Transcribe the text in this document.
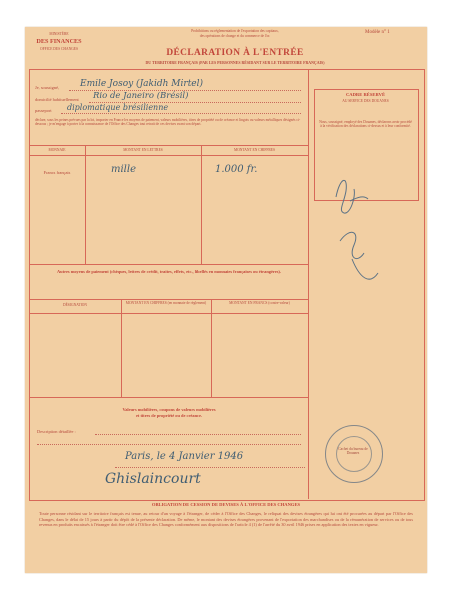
MINISTÈRE
DES FINANCES
OFFICE DES CHANGES
Prohibitions ou réglementation de l'exportation des capitaux,
des opérations de change et du commerce de l'or.
Modèle n° 1
DÉCLARATION À L'ENTRÉE
DU TERRITOIRE FRANÇAIS (PAR LES PERSONNES RÉSIDANT SUR LE TERRITOIRE FRANÇAIS)
Je, soussigné, Emile Josoy (Jakidh Mirtel)
domicilié habituellement Rio de Janeiro (Brésil)
passeport diplomatique brésilienne
déclare, sous les peines prévues par la loi, importer en France les moyens de paiement, valeurs mobilières, titres de propriété ou de créance et lingots ou valeurs métalliques désignés ci-dessous ; je m'engage à porter à la connaissance de l'Office des Changes tout retrait de ces devises avant son départ.
CADRE RÉSERVÉ
AU SERVICE DES DOUANES
Nous, soussigné, employé des Douanes, déclarons avoir procédé à la vérification des déclarations ci-dessus et à leur conformité.
MONNAIE	MONTANT EN LETTRES	MONTANT EN CHIFFRES
Francs français	mille	1.000 fr.
Autres moyens de paiement (chèques, lettres de crédit, traites, effets, etc., libellés en monnaies françaises ou étrangères).
DÉSIGNATION	MONTANT EN CHIFFRES (en monnaie de règlement)	MONTANT EN FRANCS (contre-valeur)
Valeurs mobilières, coupons de valeurs mobilières
et titres de propriété ou de créance.
Description détaillée :
Paris, le 4 Janvier 1946
Ghislaincourt
Cachet du bureau de Douanes
OBLIGATION DE CESSION DE DEVISES À L'OFFICE DES CHANGES
Toute personne résidant sur le territoire français est tenue, au retour d'un voyage à l'étranger, de céder à l'Office des Changes, le reliquat des devises étrangères qui lui ont été procurées au départ par l'Office des Changes, dans le délai de 15 jours à partir du dépôt de la présente déclaration. De même, le montant des devises étrangères provenant de l'exportation des marchandises ou de la rémunération de services ou de tous revenus en produits encaissés à l'étranger doit être cédé à l'Office des Changes conformément aux dispositions de l'article 4 (1) de l'arrêté du 30 avril 1946 prises en application des textes en vigueur.
